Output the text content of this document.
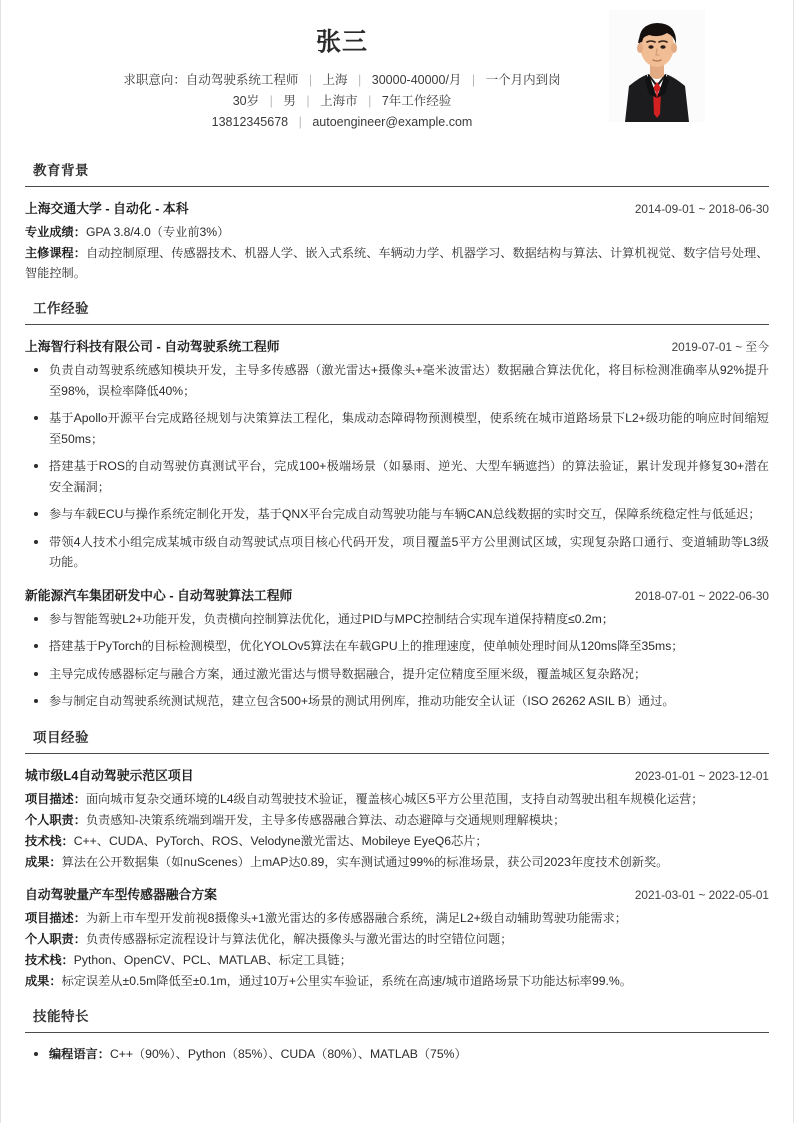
张三
求职意向：自动驾驶系统工程师 | 上海 | 30000-40000/月 | 一个月内到岗
30岁 | 男 | 上海市 | 7年工作经验
13812345678 | autoengineer@example.com
教育背景
上海交通大学 - 自动化 - 本科	2014-09-01 ~ 2018-06-30
专业成绩：GPA 3.8/4.0（专业前3%）
主修课程：自动控制原理、传感器技术、机器人学、嵌入式系统、车辆动力学、机器学习、数据结构与算法、计算机视觉、数字信号处理、智能控制。
工作经验
上海智行科技有限公司 - 自动驾驶系统工程师	2019-07-01 ~ 至今
负责自动驾驶系统感知模块开发，主导多传感器（激光雷达+摄像头+毫米波雷达）数据融合算法优化，将目标检测准确率从92%提升至98%，误检率降低40%；
基于Apollo开源平台完成路径规划与决策算法工程化，集成动态障碍物预测模型，使系统在城市道路场景下L2+级功能的响应时间缩短至50ms；
搭建基于ROS的自动驾驶仿真测试平台，完成100+极端场景（如暴雨、逆光、大型车辆遮挡）的算法验证，累计发现并修复30+潜在安全漏洞；
参与车载ECU与操作系统定制化开发，基于QNX平台完成自动驾驶功能与车辆CAN总线数据的实时交互，保障系统稳定性与低延迟；
带领4人技术小组完成某城市级自动驾驶试点项目核心代码开发，项目覆盖5平方公里测试区域，实现复杂路口通行、变道辅助等L3级功能。
新能源汽车集团研发中心 - 自动驾驶算法工程师	2018-07-01 ~ 2022-06-30
参与智能驾驶L2+功能开发，负责横向控制算法优化，通过PID与MPC控制结合实现车道保持精度≤0.2m；
搭建基于PyTorch的目标检测模型，优化YOLOv5算法在车载GPU上的推理速度，使单帧处理时间从120ms降至35ms；
主导完成传感器标定与融合方案，通过激光雷达与惯导数据融合，提升定位精度至厘米级，覆盖城区复杂路况；
参与制定自动驾驶系统测试规范，建立包含500+场景的测试用例库，推动功能安全认证（ISO 26262 ASIL B）通过。
项目经验
城市级L4自动驾驶示范区项目	2023-01-01 ~ 2023-12-01
项目描述：面向城市复杂交通环境的L4级自动驾驶技术验证，覆盖核心城区5平方公里范围，支持自动驾驶出租车规模化运营；
个人职责：负责感知-决策系统端到端开发，主导多传感器融合算法、动态避障与交通规则理解模块；
技术栈：C++、CUDA、PyTorch、ROS、Velodyne激光雷达、Mobileye EyeQ6芯片；
成果：算法在公开数据集（如nuScenes）上mAP达0.89，实车测试通过99%的标准场景，获公司2023年度技术创新奖。
自动驾驶量产车型传感器融合方案	2021-03-01 ~ 2022-05-01
项目描述：为新上市车型开发前视8摄像头+1激光雷达的多传感器融合系统，满足L2+级自动辅助驾驶功能需求；
个人职责：负责传感器标定流程设计与算法优化，解决摄像头与激光雷达的时空错位问题；
技术栈：Python、OpenCV、PCL、MATLAB、标定工具链；
成果：标定误差从±0.5m降低至±0.1m，通过10万+公里实车验证，系统在高速/城市道路场景下功能达标率99.%。
技能特长
编程语言：C++（90%）、Python（85%）、CUDA（80%）、MATLAB（75%）
